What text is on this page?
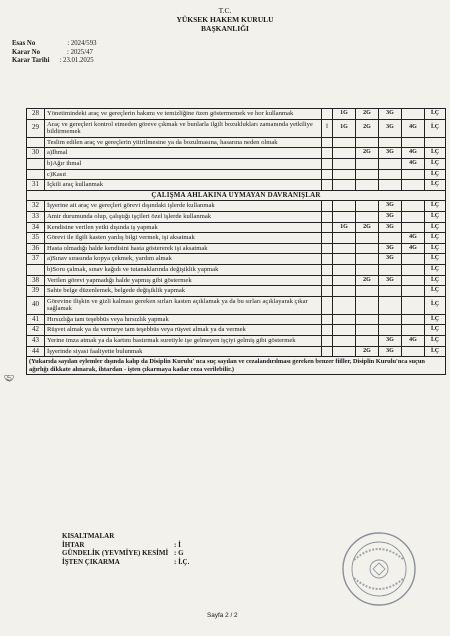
T.C.
YÜKSEK HAKEM KURULU
BAŞKANLIĞI
Esas No	: 2024/593
Karar No	: 2025/47
Karar Tarihi : 23.01.2025

28	Yönetimindeki araç ve gereçlerin bakımı ve temizliğine özen göstermemek ve hor kullanmak		1G	2G	3G		İ.Ç
29	Araç ve gereçleri kontrol etmeden göreve çıkmak ve bunlarla ilgili bozuklukları zamanında yetkiliye bildirmemek	İ	1G	2G	3G	4G	İ.Ç
	Teslim edilen araç ve gereçlerin yitirilmesine ya da bozulmasına, hasarına neden olmak						
30	a)İhmal			2G	3G	4G	İ.Ç
	b)Ağır ihmal					4G	İ.Ç
	c)Kasıt						İ.Ç
31	İçkili araç kullanmak						İ.Ç
ÇALIŞMA AHLAKINA UYMAYAN DAVRANIŞLAR							
32	İşyerine ait araç ve gereçleri görevi dışındaki işlerde kullanmak				3G		İ.Ç
33	Amir durumunda olup, çalıştığı işçileri özel işlerde kullanmak				3G		İ.Ç
34	Kendisine verilen yetki dışında iş yapmak		1G	2G	3G		İ.Ç
35	Görevi ile ilgili kasten yanlış bilgi vermek, işi aksatmak					4G	İ.Ç
36	Hasta olmadığı halde kendisini hasta göstererek işi aksatmak				3G	4G	İ.Ç
37	a)Sınav sırasında kopya çekmek, yardım almak				3G		İ.Ç
	b)Soru çalmak, sınav kağıdı ve tutanaklarında değişiklik yapmak						İ.Ç
38	Verilen görevi yapmadığı halde yapmış gibi göstermek			2G	3G		İ.Ç
39	Sahte belge düzenlemek, belgede değişiklik yapmak						İ.Ç
40	Görevine ilişkin ve gizli kalması gereken sırları kasten açıklamak ya da bu sırları açıklayarak çıkar sağlamak						İ.Ç
41	Hırsızlığa tam teşebbüs veya hırsızlık yapmak						İ.Ç
42	Rüşvet almak ya da vermeye tam teşebbüs veya rüşvet almak ya da vermek						İ.Ç
43	Yerine imza atmak ya da kartını bastırmak suretiyle işe gelmeyen işçiyi gelmiş gibi göstermek				3G	4G	İ.Ç
44	İşyerinde siyasi faaliyette bulunmak			2G	3G		İ.Ç
(Yukarıda sayılan eylemler dışında kalıp da Disiplin Kurulu' nca suç sayılan ve cezalandırılması gereken benzer fiiller, Disiplin Kurulu'nca suçun ağırlığı dikkate alınarak, ihtardan - işten çıkarmaya kadar ceza verilebilir.)							
🤝︎
KISALTMALAR
İHTAR	: İ
GÜNDELİK (YEVMİYE) KESİMİ : G
İŞTEN ÇIKARMA	: İ.Ç.
Sayfa 2 / 2
